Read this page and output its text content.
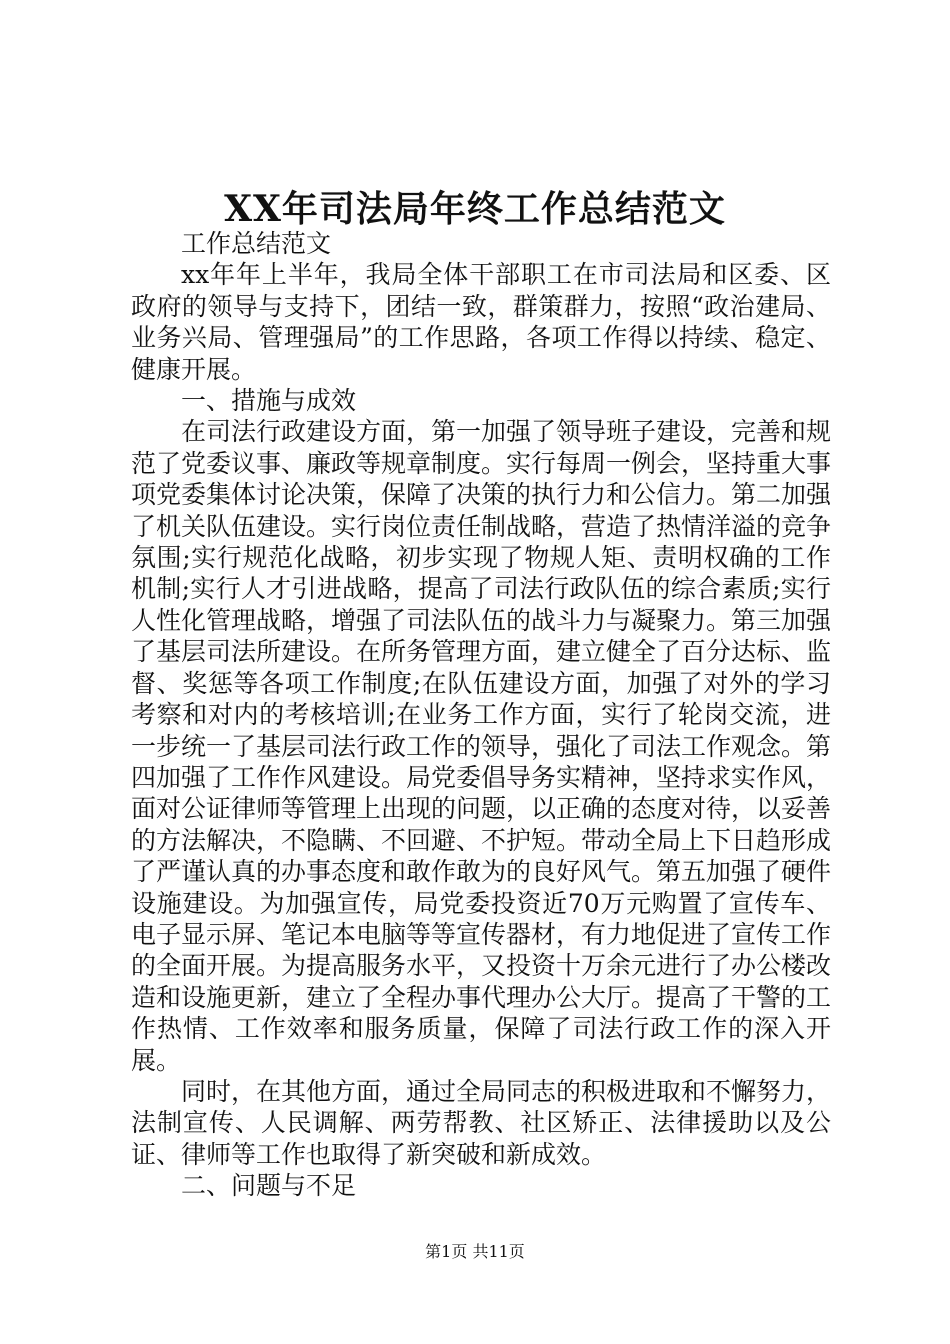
XX年司法局年终工作总结范文

工作总结范文

xx年年上半年，我局全体干部职工在市司法局和区委、区政府的领导与支持下，团结一致，群策群力，按照“政治建局、业务兴局、管理强局”的工作思路，各项工作得以持续、稳定、健康开展。

一、措施与成效

在司法行政建设方面，第一加强了领导班子建设，完善和规范了党委议事、廉政等规章制度。实行每周一例会，坚持重大事项党委集体讨论决策，保障了决策的执行力和公信力。第二加强了机关队伍建设。实行岗位责任制战略，营造了热情洋溢的竞争氛围;实行规范化战略，初步实现了物规人矩、责明权确的工作机制;实行人才引进战略，提高了司法行政队伍的综合素质;实行人性化管理战略，增强了司法队伍的战斗力与凝聚力。第三加强了基层司法所建设。在所务管理方面，建立健全了百分达标、监督、奖惩等各项工作制度;在队伍建设方面，加强了对外的学习考察和对内的考核培训;在业务工作方面，实行了轮岗交流，进一步统一了基层司法行政工作的领导，强化了司法工作观念。第四加强了工作作风建设。局党委倡导务实精神，坚持求实作风，面对公证律师等管理上出现的问题，以正确的态度对待，以妥善的方法解决，不隐瞒、不回避、不护短。带动全局上下日趋形成了严谨认真的办事态度和敢作敢为的良好风气。第五加强了硬件设施建设。为加强宣传，局党委投资近70万元购置了宣传车、电子显示屏、笔记本电脑等等宣传器材，有力地促进了宣传工作的全面开展。为提高服务水平，又投资十万余元进行了办公楼改造和设施更新，建立了全程办事代理办公大厅。提高了干警的工作热情、工作效率和服务质量，保障了司法行政工作的深入开展。

同时，在其他方面，通过全局同志的积极进取和不懈努力，法制宣传、人民调解、两劳帮教、社区矫正、法律援助以及公证、律师等工作也取得了新突破和新成效。

二、问题与不足

第1页 共11页
